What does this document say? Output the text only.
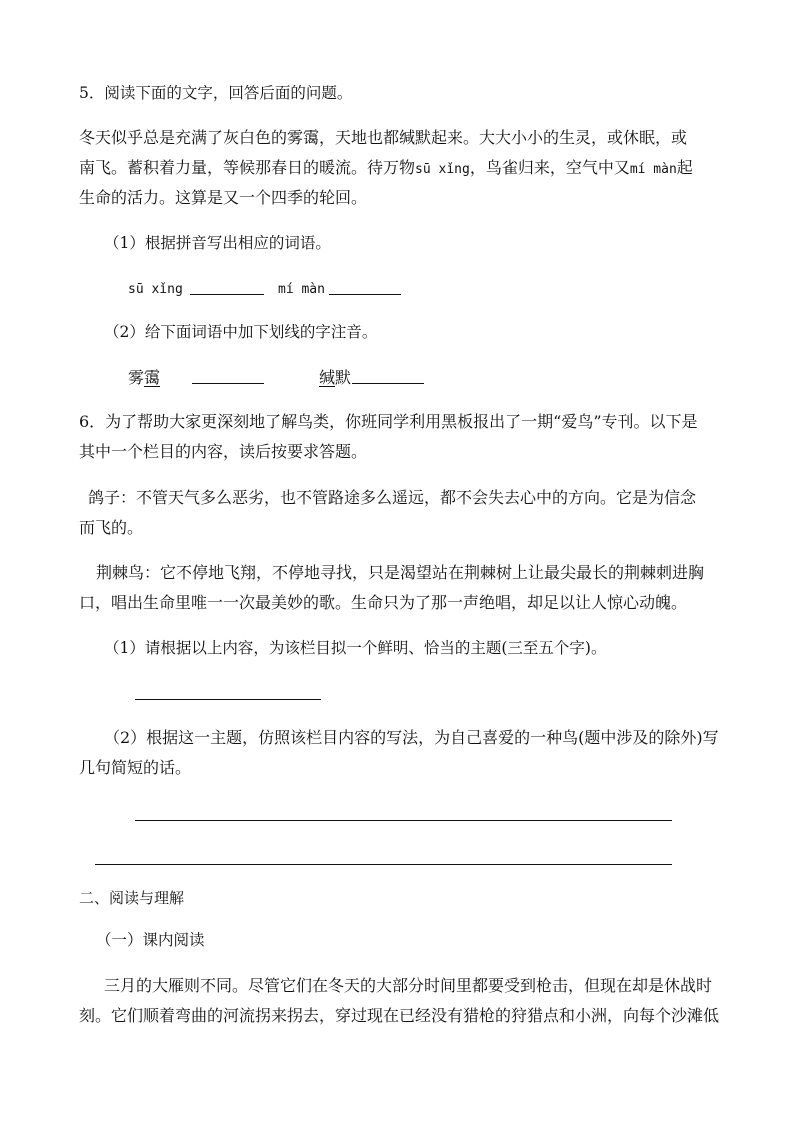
5．阅读下面的文字，回答后面的问题。
冬天似乎总是充满了灰白色的雾霭，天地也都缄默起来。大大小小的生灵，或休眠，或
南飞。蓄积着力量，等候那春日的暖流。待万物sū xǐng，鸟雀归来，空气中又mí màn起
生命的活力。这算是又一个四季的轮回。
（1）根据拼音写出相应的词语。
sū xǐng	mí màn
（2）给下面词语中加下划线的字注音。
雾霭	缄默
6．为了帮助大家更深刻地了解鸟类，你班同学利用黑板报出了一期“爱鸟”专刊。以下是
其中一个栏目的内容，读后按要求答题。
鸽子：不管天气多么恶劣，也不管路途多么遥远，都不会失去心中的方向。它是为信念
而飞的。
荆棘鸟：它不停地飞翔，不停地寻找，只是渴望站在荆棘树上让最尖最长的荆棘刺进胸
口，唱出生命里唯一一次最美妙的歌。生命只为了那一声绝唱，却足以让人惊心动魄。
（1）请根据以上内容，为该栏目拟一个鲜明、恰当的主题(三至五个字)。
（2）根据这一主题，仿照该栏目内容的写法，为自己喜爱的一种鸟(题中涉及的除外)写
几句简短的话。
二、阅读与理解
（一）课内阅读
三月的大雁则不同。尽管它们在冬天的大部分时间里都要受到枪击，但现在却是休战时
刻。它们顺着弯曲的河流拐来拐去，穿过现在已经没有猎枪的狩猎点和小洲，向每个沙滩低
